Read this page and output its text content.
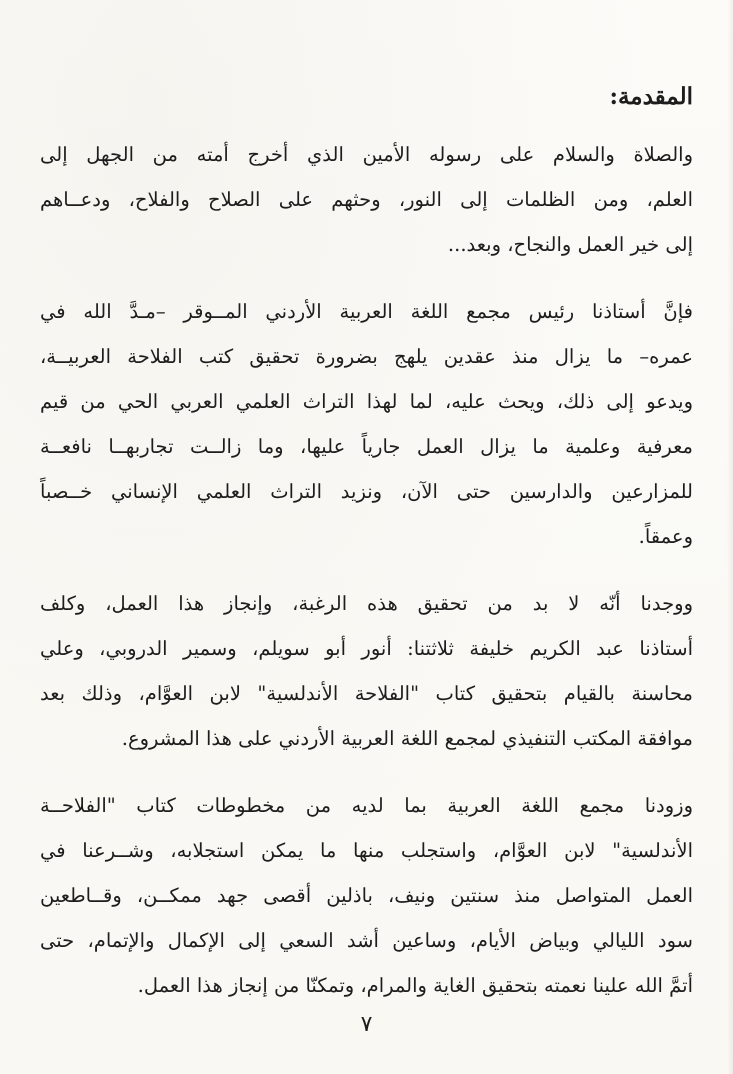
المقدمة:
والصلاة والسلام على رسوله الأمين الذي أخرج أمته من الجهل إلى
العلم، ومن الظلمات إلى النور، وحثهم على الصلاح والفلاح، ودعــاهم
إلى خير العمل والنجاح، وبعد...
فإنَّ أستاذنا رئيس مجمع اللغة العربية الأردني المــوقر –مـدَّ الله في
عمره– ما يزال منذ عقدين يلهج بضرورة تحقيق كتب الفلاحة العربيــة،
ويدعو إلى ذلك، ويحث عليه، لما لهذا التراث العلمي العربي الحي من قيم
معرفية وعلمية ما يزال العمل جارياً عليها، وما زالــت تجاربهــا نافعــة
للمزارعين والدارسين حتى الآن، ونزيد التراث العلمي الإنساني خــصباً
وعمقاً.
ووجدنا أنّه لا بد من تحقيق هذه الرغبة، وإنجاز هذا العمل، وكلف
أستاذنا عبد الكريم خليفة ثلاثتنا: أنور أبو سويلم، وسمير الدروبي، وعلي
محاسنة بالقيام بتحقيق كتاب "الفلاحة الأندلسية" لابن العوَّام، وذلك بعد
موافقة المكتب التنفيذي لمجمع اللغة العربية الأردني على هذا المشروع.
وزودنا مجمع اللغة العربية بما لديه من مخطوطات كتاب "الفلاحــة
الأندلسية" لابن العوَّام، واستجلب منها ما يمكن استجلابه، وشــرعنا في
العمل المتواصل منذ سنتين ونيف، باذلين أقصى جهد ممكــن، وقــاطعين
سود الليالي وبياض الأيام، وساعين أشد السعي إلى الإكمال والإتمام، حتى
أتمَّ الله علينا نعمته بتحقيق الغاية والمرام، وتمكنّا من إنجاز هذا العمل.
٧
